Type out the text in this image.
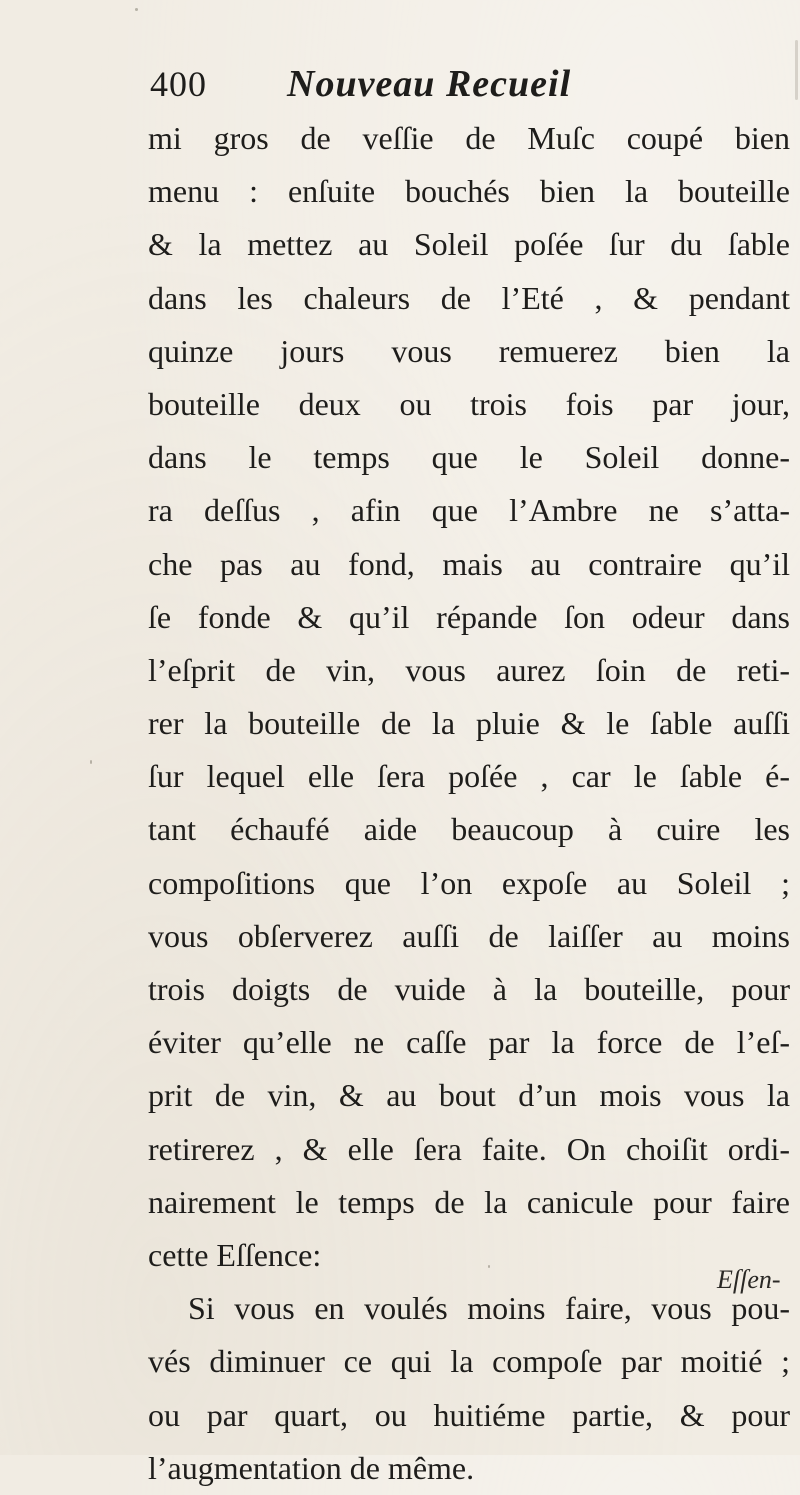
400 Nouveau Recueil
mi gros de veſſie de Muſc coupé bien
menu : enſuite bouchés bien la bouteille
& la mettez au Soleil poſée ſur du ſable
dans les chaleurs de l’Eté , & pendant
quinze jours vous remuerez bien la
bouteille deux ou trois fois par jour,
dans le temps que le Soleil donne-
ra deſſus , afin que l’Ambre ne s’atta-
che pas au fond, mais au contraire qu’il
ſe fonde & qu’il répande ſon odeur dans
l’eſprit de vin, vous aurez ſoin de reti-
rer la bouteille de la pluie & le ſable auſſi
ſur lequel elle ſera poſée , car le ſable é-
tant échaufé aide beaucoup à cuire les
compoſitions que l’on expoſe au Soleil ;
vous obſerverez auſſi de laiſſer au moins
trois doigts de vuide à la bouteille, pour
éviter qu’elle ne caſſe par la force de l’eſ-
prit de vin, & au bout d’un mois vous la
retirerez , & elle ſera faite. On choiſit ordi-
nairement le temps de la canicule pour faire
cette Eſſence:
Si vous en voulés moins faire, vous pou-
vés diminuer ce qui la compoſe par moitié ;
ou par quart, ou huitiéme partie, & pour
l’augmentation de même.
Eſſen-
